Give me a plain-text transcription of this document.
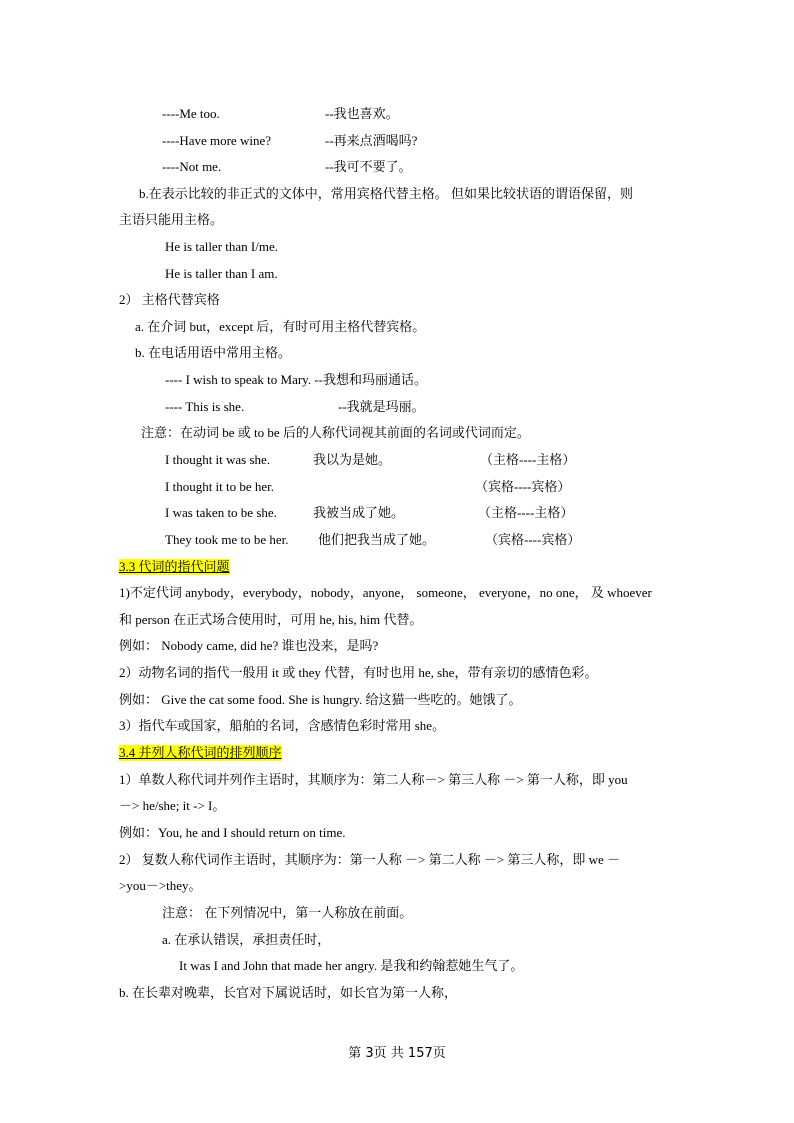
----Me too.	--我也喜欢。
----Have more wine?	--再来点酒喝吗?
----Not me.	--我可不要了。
b.在表示比较的非正式的文体中，常用宾格代替主格。 但如果比较状语的谓语保留，则
主语只能用主格。
He is taller than I/me.
He is taller than I am.
2） 主格代替宾格
a. 在介词 but，except 后，有时可用主格代替宾格。
b. 在电话用语中常用主格。
---- I wish to speak to Mary. --我想和玛丽通话。
---- This is she.	--我就是玛丽。
注意：在动词 be 或 to be 后的人称代词视其前面的名词或代词而定。
I thought it was she.	我以为是她。	（主格----主格）
I thought it to be her.	（宾格----宾格）
I was taken to be she.	我被当成了她。	（主格----主格）
They took me to be her. 他们把我当成了她。	（宾格----宾格）
3.3 代词的指代问题
1)不定代词 anybody，everybody，nobody，anyone， someone， everyone，no one， 及 whoever
和 person 在正式场合使用时，可用 he, his, him 代替。
例如： Nobody came, did he? 谁也没来，是吗?
2）动物名词的指代一般用 it 或 they 代替，有时也用 he, she，带有亲切的感情色彩。
例如： Give the cat some food. She is hungry. 给这猫一些吃的。她饿了。
3）指代车或国家，船舶的名词，含感情色彩时常用 she。
3.4 并列人称代词的排列顺序
1）单数人称代词并列作主语时，其顺序为：第二人称－> 第三人称 －> 第一人称，即 you
－> he/she; it -> I。
例如：You, he and I should return on time.
2） 复数人称代词作主语时，其顺序为：第一人称 －> 第二人称 －> 第三人称，即 we －
>you－>they。
注意： 在下列情况中，第一人称放在前面。
a. 在承认错误，承担责任时，
It was I and John that made her angry. 是我和约翰惹她生气了。
b. 在长辈对晚辈，长官对下属说话时，如长官为第一人称，
第 3页 共 157页
